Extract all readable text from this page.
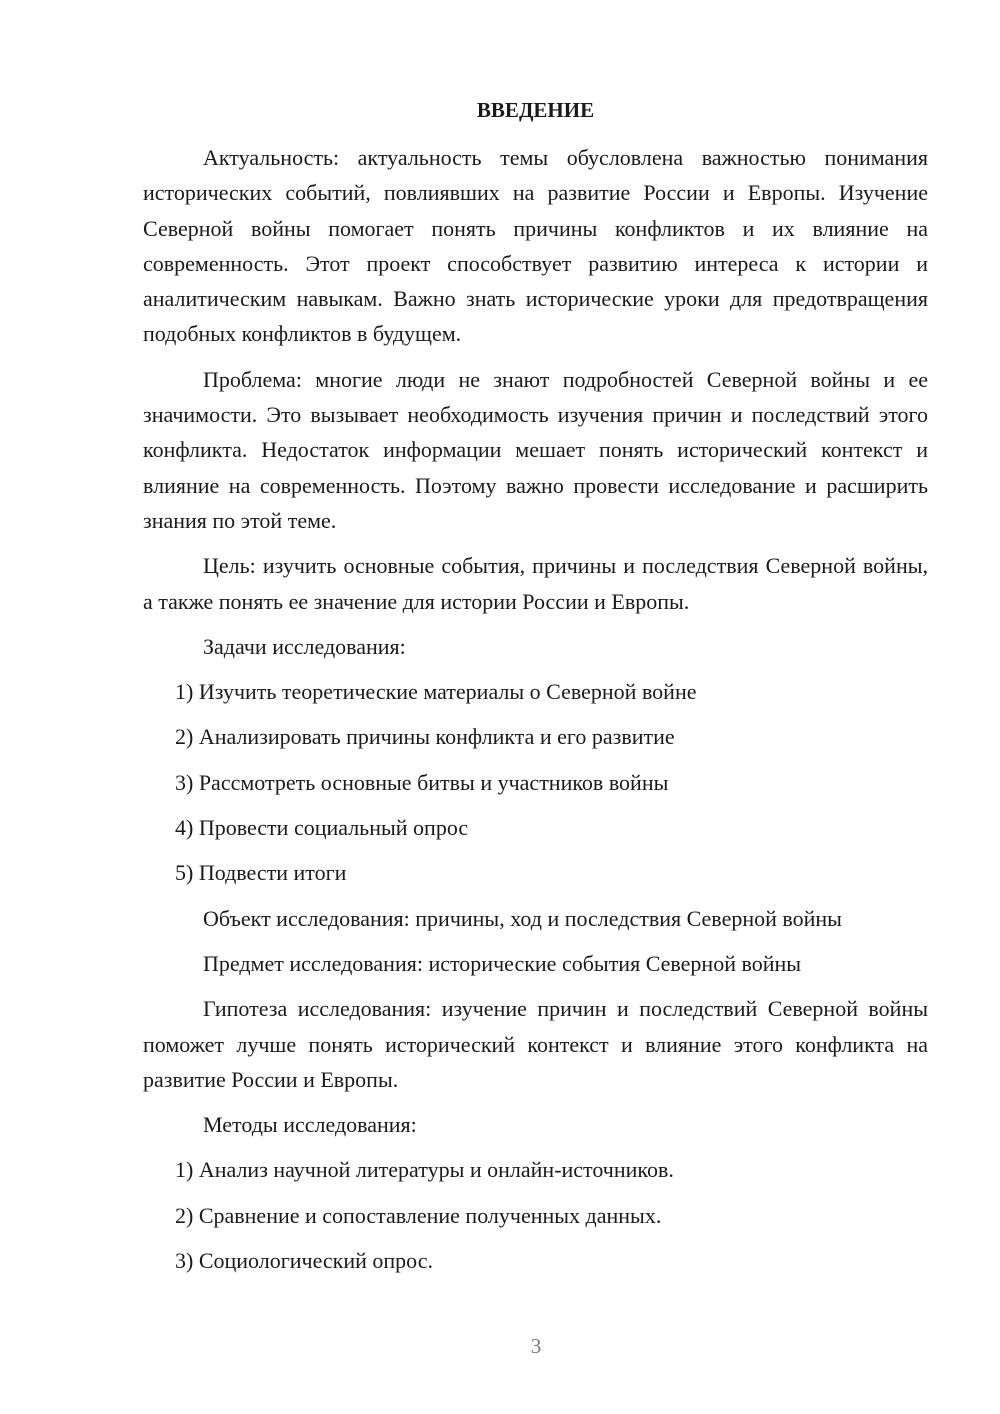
ВВЕДЕНИЕ

Актуальность: актуальность темы обусловлена важностью понимания исторических событий, повлиявших на развитие России и Европы. Изучение Северной войны помогает понять причины конфликтов и их влияние на современность. Этот проект способствует развитию интереса к истории и аналитическим навыкам. Важно знать исторические уроки для предотвращения подобных конфликтов в будущем.

Проблема: многие люди не знают подробностей Северной войны и ее значимости. Это вызывает необходимость изучения причин и последствий этого конфликта. Недостаток информации мешает понять исторический контекст и влияние на современность. Поэтому важно провести исследование и расширить знания по этой теме.

Цель: изучить основные события, причины и последствия Северной войны, а также понять ее значение для истории России и Европы.

Задачи исследования:

1) Изучить теоретические материалы о Северной войне

2) Анализировать причины конфликта и его развитие

3) Рассмотреть основные битвы и участников войны

4) Провести социальный опрос

5) Подвести итоги

Объект исследования: причины, ход и последствия Северной войны

Предмет исследования: исторические события Северной войны

Гипотеза исследования: изучение причин и последствий Северной войны поможет лучше понять исторический контекст и влияние этого конфликта на развитие России и Европы.

Методы исследования:

1) Анализ научной литературы и онлайн-источников.

2) Сравнение и сопоставление полученных данных.

3) Социологический опрос.

3
